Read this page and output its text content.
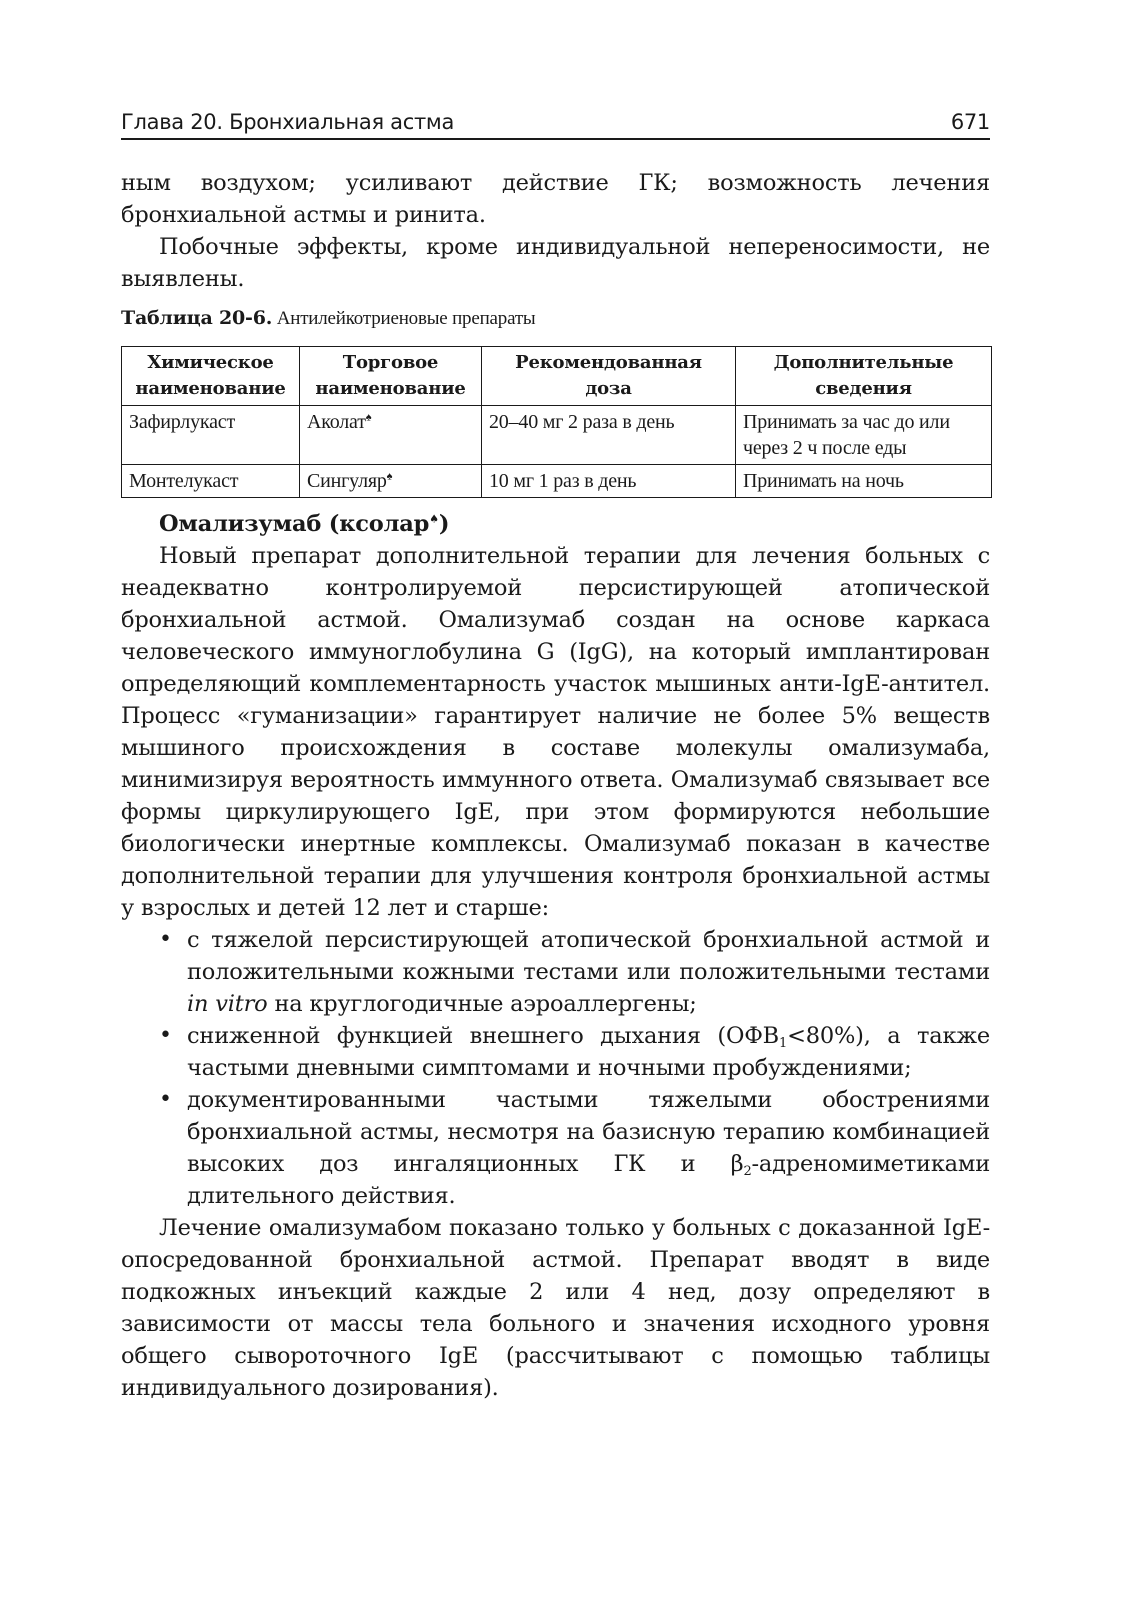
Глава 20. Бронхиальная астма	671

ным воздухом; усиливают действие ГК; возможность лечения бронхиальной астмы и ринита.

Побочные эффекты, кроме индивидуальной непереносимости, не выявлены.

Таблица 20-6. Антилейкотриеновые препараты
Химическое наименование	Торговое наименование	Рекомендованная доза	Дополнительные сведения
Зафирлукаст	Аколат♠	20–40 мг 2 раза в день	Принимать за час до или через 2 ч после еды
Монтелукаст	Сингуляр♠	10 мг 1 раз в день	Принимать на ночь
Омализумаб (ксолар♠)

Новый препарат дополнительной терапии для лечения больных с неадекватно контролируемой персистирующей атопической бронхиальной астмой. Омализумаб создан на основе каркаса человеческого иммуноглобулина G (IgG), на который имплантирован определяющий комплементарность участок мышиных анти-IgE-антител. Процесс «гуманизации» гарантирует наличие не более 5% веществ мышиного происхождения в составе молекулы омализумаба, минимизируя вероятность иммунного ответа. Омализумаб связывает все формы циркулирующего IgE, при этом формируются небольшие биологически инертные комплексы. Омализумаб показан в качестве дополнительной терапии для улучшения контроля бронхиальной астмы у взрослых и детей 12 лет и старше:

• с тяжелой персистирующей атопической бронхиальной астмой и положительными кожными тестами или положительными тестами in vitro на круглогодичные аэроаллергены;
• сниженной функцией внешнего дыхания $(ОФВ_1<80\%)$, а также частыми дневными симптомами и ночными пробуждениями;
• документированными частыми тяжелыми обострениями бронхиальной астмы, несмотря на базисную терапию комбинацией высоких доз ингаляционных ГК и $\beta_2$-адреномиметиками длительного действия.

Лечение омализумабом показано только у больных с доказанной IgE-опосредованной бронхиальной астмой. Препарат вводят в виде подкожных инъекций каждые 2 или 4 нед, дозу определяют в зависимости от массы тела больного и значения исходного уровня общего сывороточного IgE (рассчитывают с помощью таблицы индивидуального дозирования).
